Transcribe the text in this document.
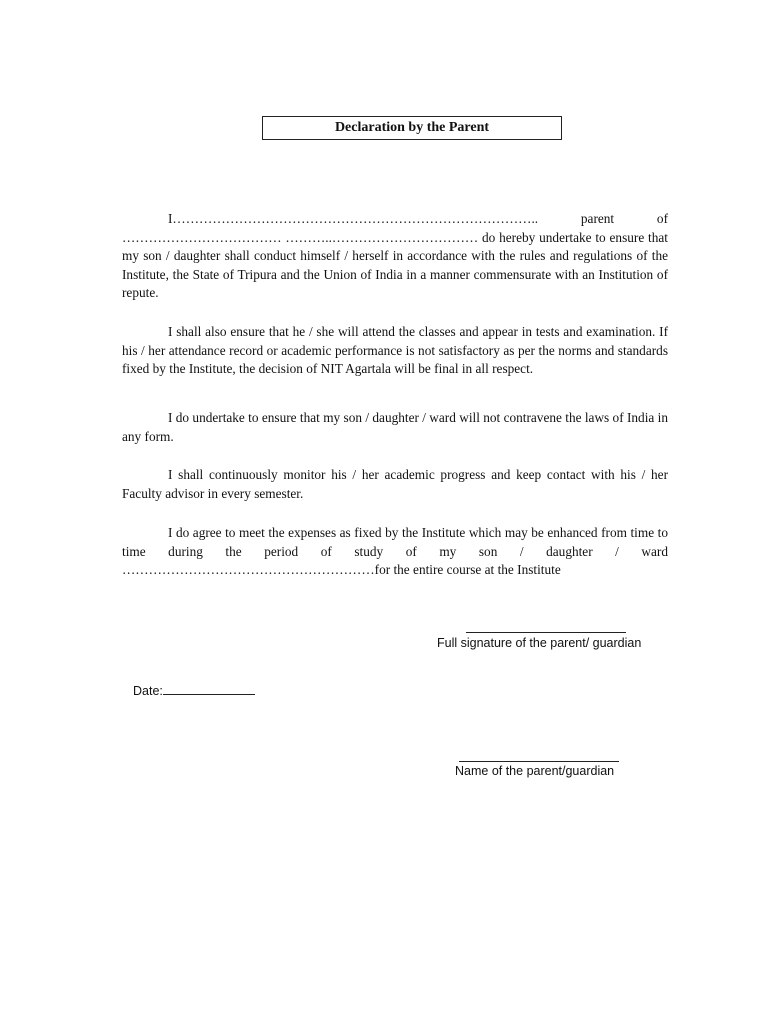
Declaration by the Parent

I……………………………………………………………………….. parent of ……………………………… ………..…………………………… do hereby undertake to ensure that my son / daughter shall conduct himself / herself in accordance with the rules and regulations of the Institute, the State of Tripura and the Union of India in a manner commensurate with an Institution of repute.

I shall also ensure that he / she will attend the classes and appear in tests and examination. If his / her attendance record or academic performance is not satisfactory as per the norms and standards fixed by the Institute, the decision of NIT Agartala will be final in all respect.

I do undertake to ensure that my son / daughter / ward will not contravene the laws of India in any form.

I shall continuously monitor his / her academic progress and keep contact with his / her Faculty advisor in every semester.

I do agree to meet the expenses as fixed by the Institute which may be enhanced from time to time during the period of study of my son / daughter / ward …………………………………………………for the entire course at the Institute

Full signature of the parent/ guardian
Date:
Name of the parent/guardian
